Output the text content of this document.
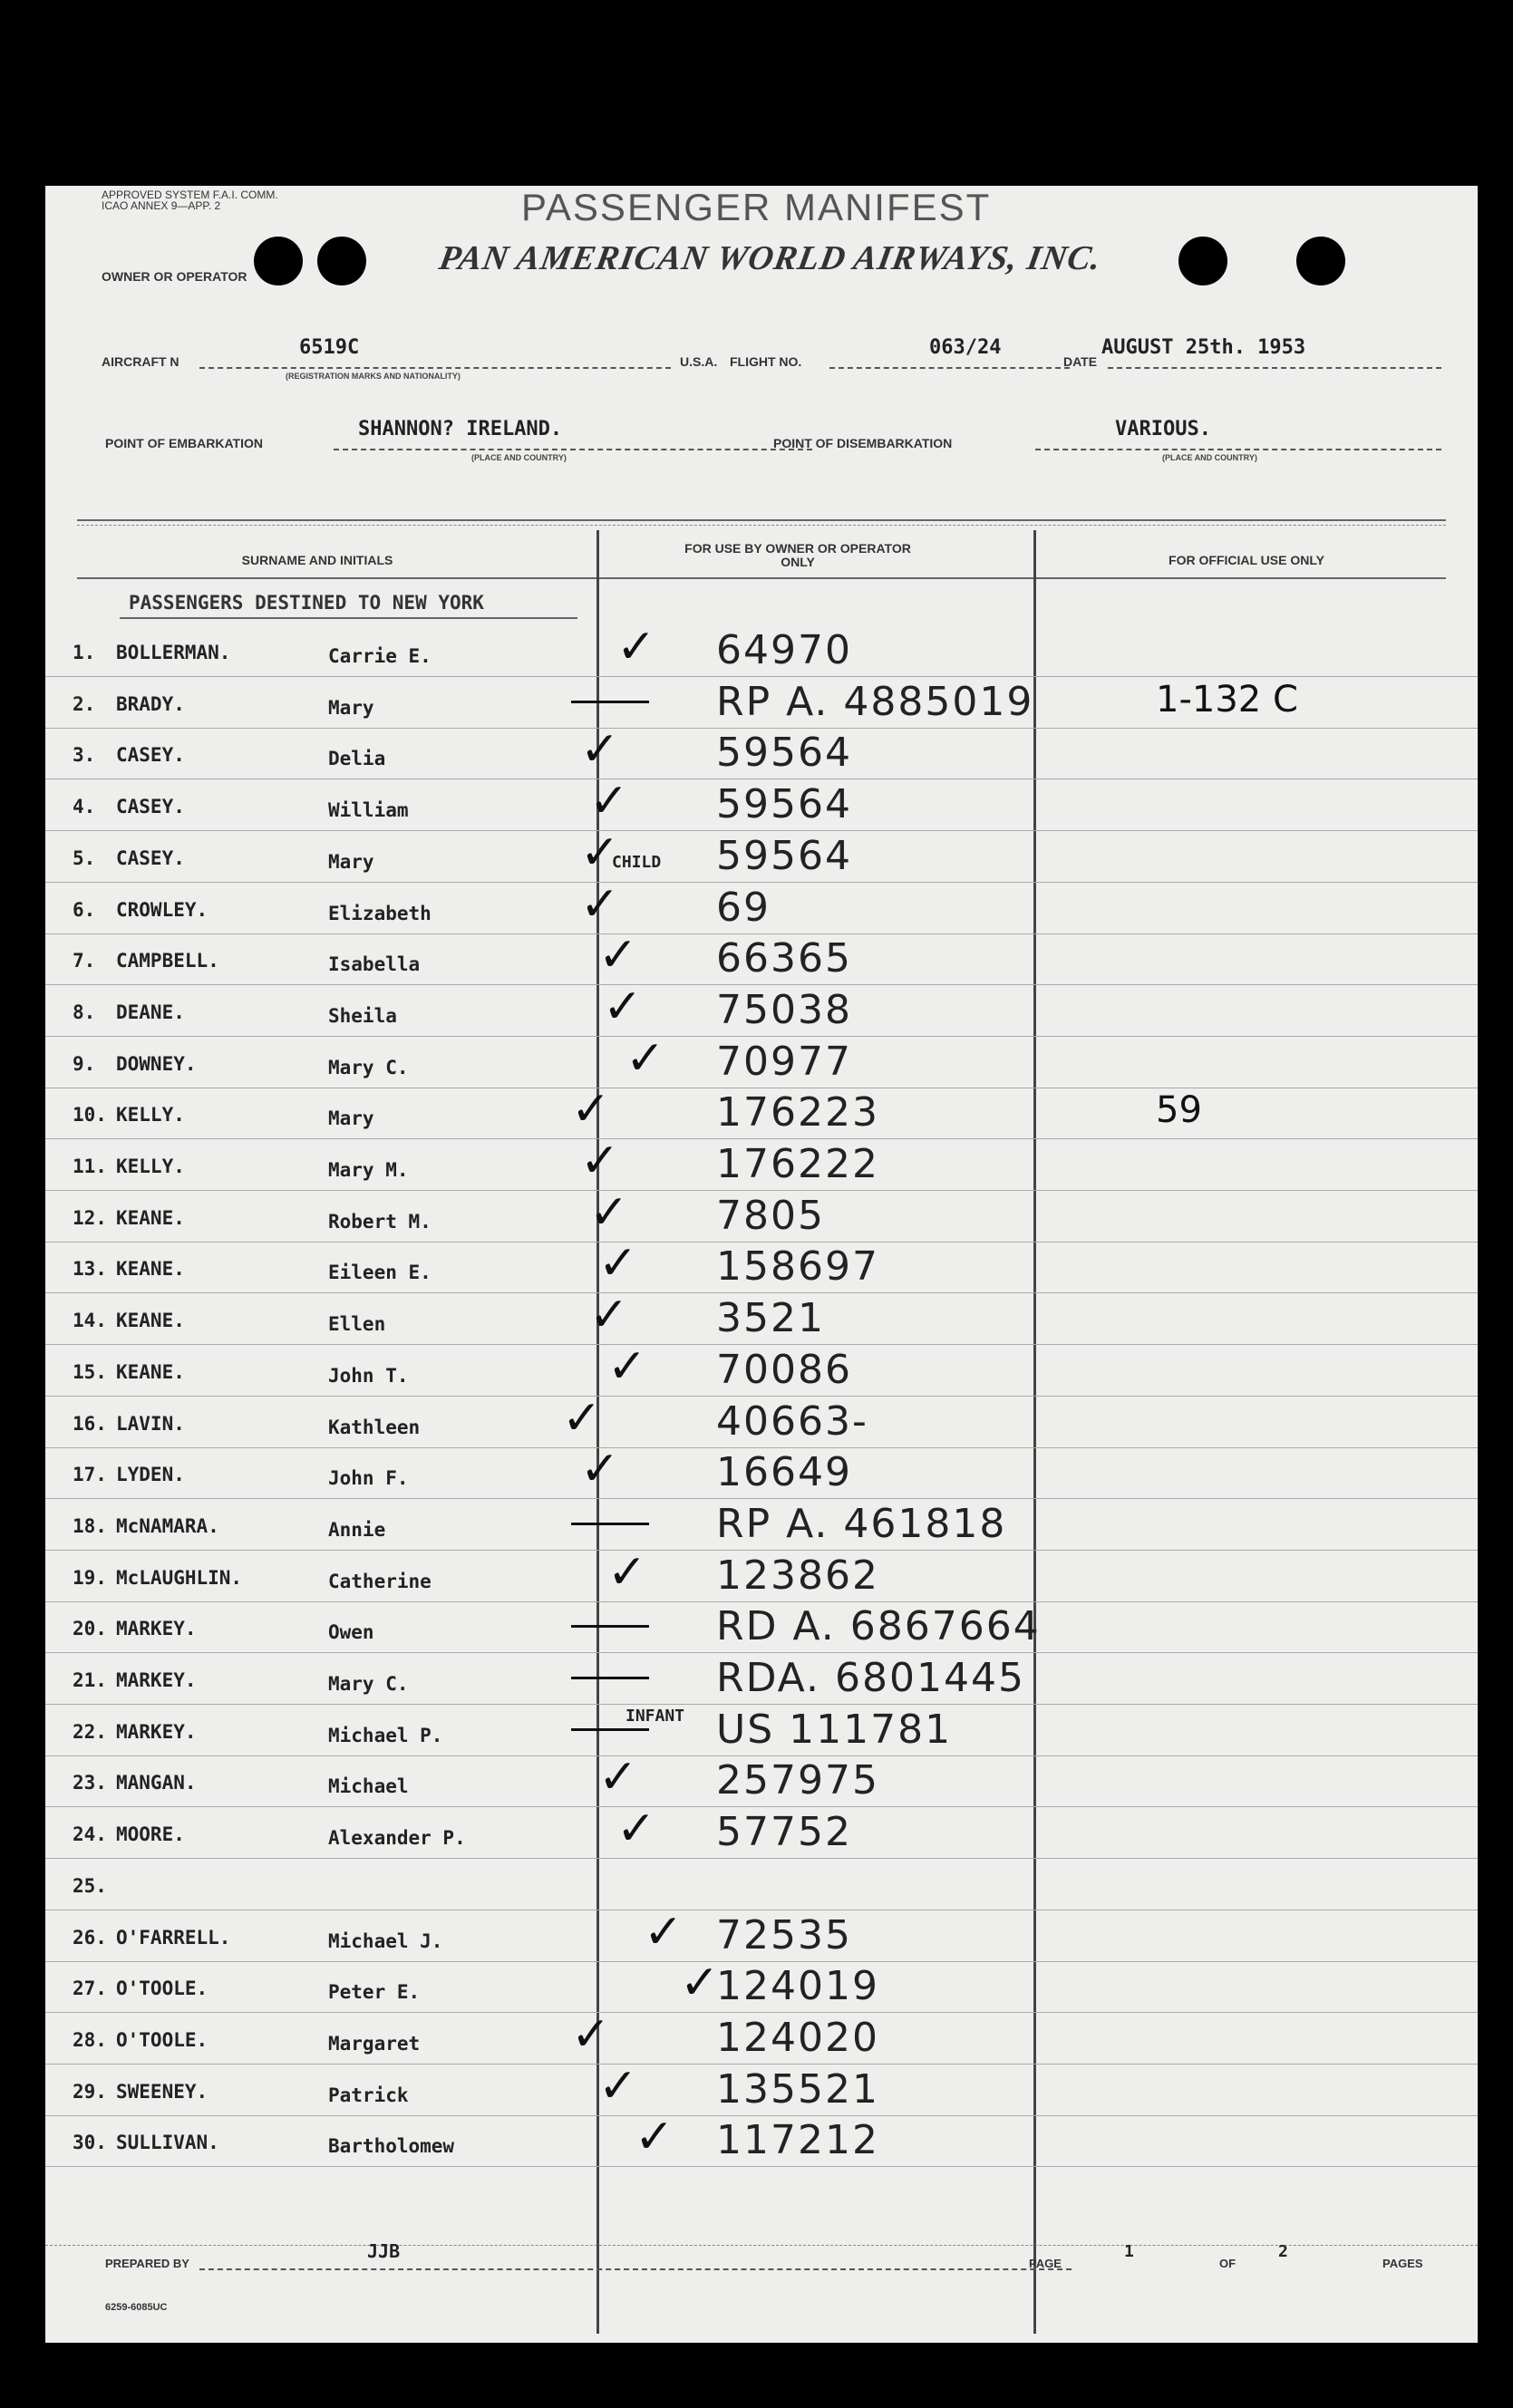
APPROVED SYSTEM F.A.I. COMM. ICAO ANNEX 9—APP. 2	PASSENGER MANIFEST
OWNER OR OPERATOR	PAN AMERICAN WORLD AIRWAYS, INC.
AIRCRAFT N
6519C
(REGISTRATION MARKS AND NATIONALITY)
U.S.A. FLIGHT NO.
063/24
DATE
AUGUST 25th. 1953
POINT OF EMBARKATION
SHANNON? IRELAND.
(PLACE AND COUNTRY)
POINT OF DISEMBARKATION
VARIOUS.
(PLACE AND COUNTRY)
SURNAME AND INITIALS
FOR USE BY OWNER OR OPERATOR ONLY	FOR OFFICIAL USE ONLY
PASSENGERS DESTINED TO NEW YORK
1.	BOLLERMAN.	Carrie E.	64970
✓
2.	BRADY.	Mary	RP A. 4885019	1-132 C
3.	CASEY.	Delia	59564
✓
4.	CASEY.	William	59564
✓
5.	CASEY.	Mary	59564
CHILD
✓
6.	CROWLEY.	Elizabeth	69
✓
7.	CAMPBELL.	Isabella	66365
✓
8.	DEANE.	Sheila	75038
✓
9.	DOWNEY.	Mary C.	70977
✓
10. KELLY.	Mary	176223	59
✓
11. KELLY.	Mary M.	176222
✓
12. KEANE.	Robert M.	7805
✓
13. KEANE.	Eileen E.	158697
✓
14. KEANE.	Ellen	3521
✓
15. KEANE.	John T.	70086
✓
16. LAVIN.	Kathleen	40663-
✓
17. LYDEN.	John F.	16649
✓
18. McNAMARA.	Annie	RP A. 461818
19. McLAUGHLIN.	Catherine	123862
✓
20. MARKEY.	Owen	RD A. 6867664
21. MARKEY.	Mary C.	RDA. 6801445
22. MARKEY.	Michael P.	US 111781
INFANT
23. MANGAN.	Michael	257975
✓
24. MOORE.	Alexander P.	57752
✓
25.
26. O'FARRELL.	Michael J.	72535
✓
27. O'TOOLE.	Peter E.	124019
✓
28. O'TOOLE.	Margaret	124020
✓
29. SWEENEY.	Patrick	135521
✓
30. SULLIVAN.	Bartholomew	117212
✓
PREPARED BY
JJB
PAGE
1
OF
2
PAGES
6259-6085UC
